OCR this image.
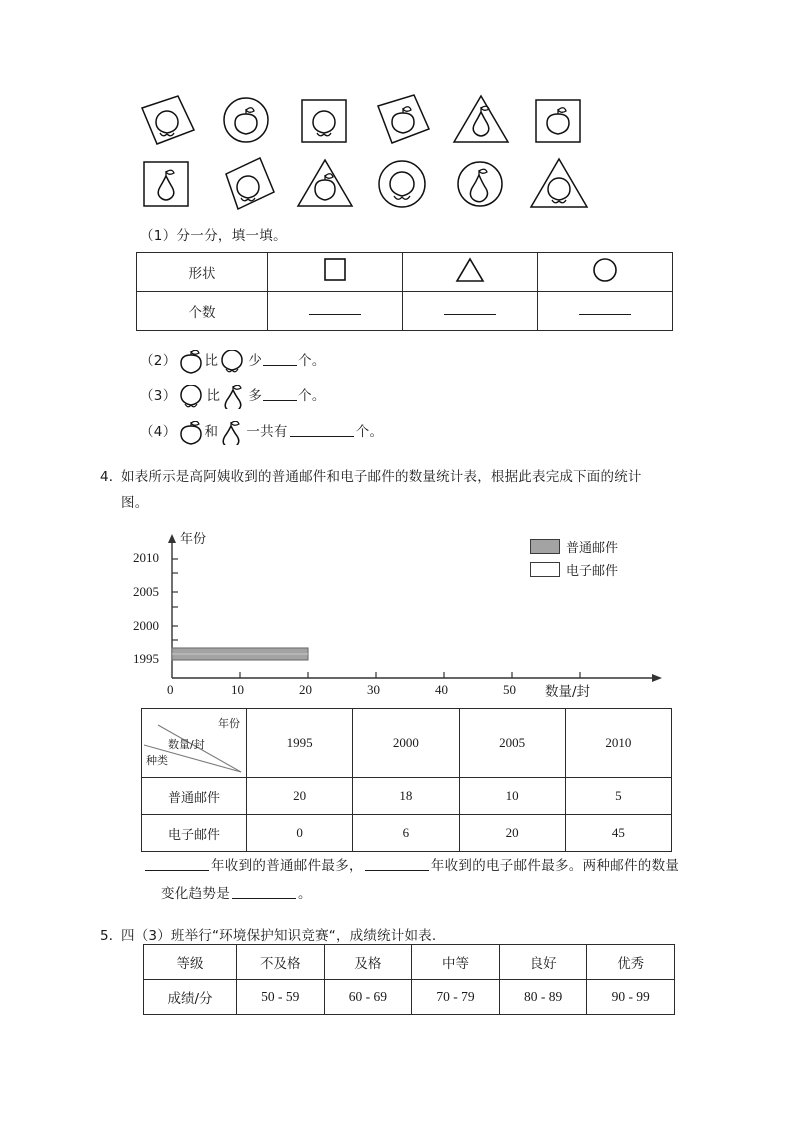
（1）分一分，填一填。
形状			
个数			
（2） 比 少	个。
（3） 比 多	个。
（4） 和 一共有	个。
4．
如表所示是高阿姨收到的普通邮件和电子邮件的数量统计表，根据此表完成下面的统计
图。
普通邮件
电子邮件
年份
2010
2005
2000
1995
0	10	20	30	40	50 数量/封
年份
数量/封
种类	1995	2000	2005	2010
普通邮件	20	18	10	5
电子邮件	0	6	20	45
年收到的普通邮件最多，	年收到的电子邮件最多。两种邮件的数量
变化趋势是	。
5．
四（3）班举行“环境保护知识竞赛“，成绩统计如表.
等级	不及格	及格	中等	良好	优秀
成绩/分	50 - 59	60 - 69	70 - 79	80 - 89	90 - 99
